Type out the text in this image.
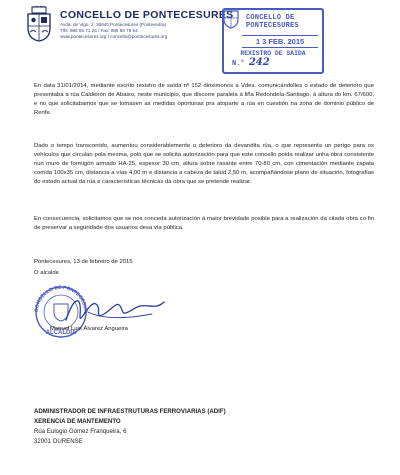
CONCELLO DE PONTECESURES
Avda. de Vigo, 2. 36640 Pontecesures (Pontevedra)
Tlfs: 986 55 71 26 / Fax: 986 55 75 54
www.pontecesures.org / concello@pontecesures.org
CONCELLO DE
PONTECESURES
1 3 FEB. 2015
REXISTRO DE SAIDA
N.° 242
En data 31/01/2014, mediante escrito rexistro de saída nº 152 diriximonos a Vdes. comunicándolles o estado de deterioro que presentaba a rúa Caldeirón de Abaixo, neste municipio, que discorre paralela á liña Redondela-Santiago, á altura do km. 67/600, e no que solicitabamos que se tomasen as medidas oportunas pra atoparte a rúa en cuestión na zona de dominio público de Renfe.
Dado o tempo transcorrido, aumentou considerablemente o deterioro da devandita rúa, o que representa un perigo para os vehículos que circulan pola mesma, polo que se solicita autorización para que este concello poida realizar unha obra consistente nun muro de formigón armado HA-25, espesor 30 cm, altura sobre rasante entre 70-80 cm, con cimentación mediante zapata corrida 100x35 cm, distancia a vías 4,00 m e distancia a cabeza de talud 2,50 m, acompañándose plano de situación, fotografías do estado actual da rúa e características técnicas da obra que se pretende realizar.
En consecuencia, solicitamos que se nos conceda autorización á maior brevidade posible para a realización da citada obra co fin de preservar a seguridade dos usuarios desa vía pública.
Pontecesures, 13 de febreiro de 2015
O alcalde
CONCELLO DE PONTECESUR
ALCALDIA
Manuel Luis Álvarez Angueira
ADMINISTRADOR DE INFRAESTRUTURAS FERROVIARIAS (ADIF)
XERENCIA DE MANTEMENTO
Rúa Eulogio Gómez Franqueira, 6
32001 OURENSE
